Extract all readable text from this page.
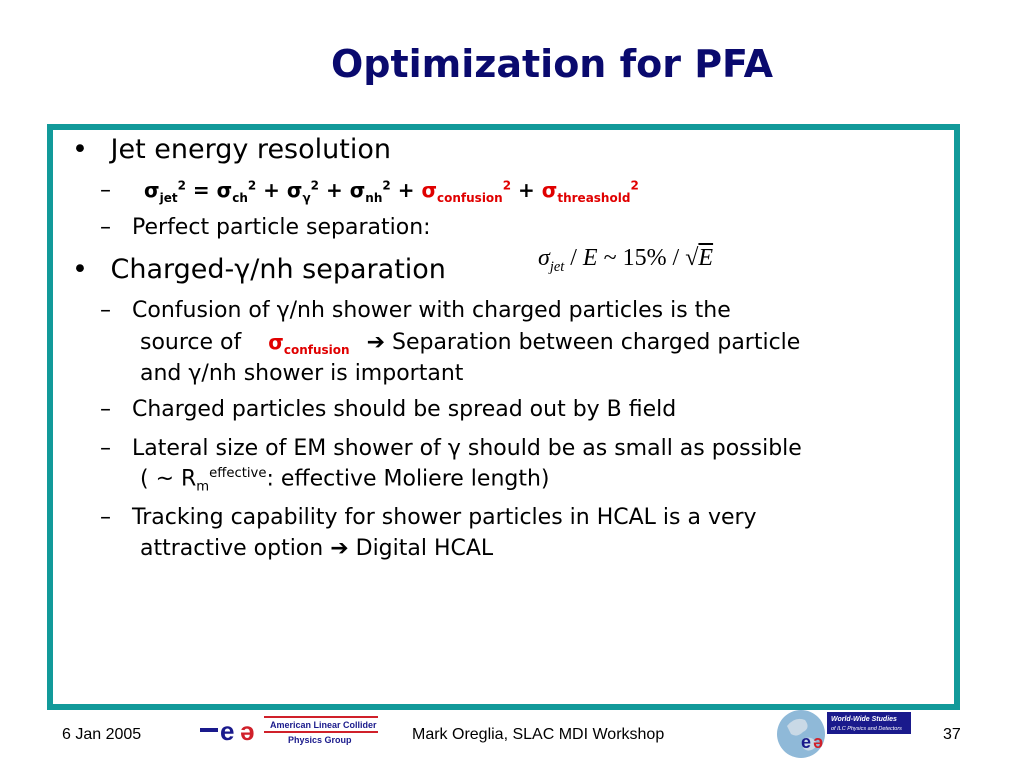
Optimization for PFA
• Jet energy resolution
– $\sigma_{jet}^2 = \sigma_{ch}^2 + \sigma_\gamma^2 + \sigma_{nh}^2 + \sigma_{confusion}^2 + \sigma_{threashold}^2$
– Perfect particle separation:
$\sigma_{jet}$ / E ~ 15% / √E
• Charged-γ/nh separation
– Confusion of γ/nh shower with charged particles is the
source of $\sigma_{confusion}$ ➔ Separation between charged particle
and γ/nh shower is important
– Charged particles should be spread out by B field
– Lateral size of EM shower of γ should be as small as possible
( ~ $R_m^{effective}$: effective Moliere length)
– Tracking capability for shower particles in HCAL is a very
attractive option ➔ Digital HCAL
6 Jan 2005	e ə American Linear Collider
Physics Group	Mark Oreglia, SLAC MDI Workshop	e ə
World-Wide Studies
of ILC Physics and Detectors	37
